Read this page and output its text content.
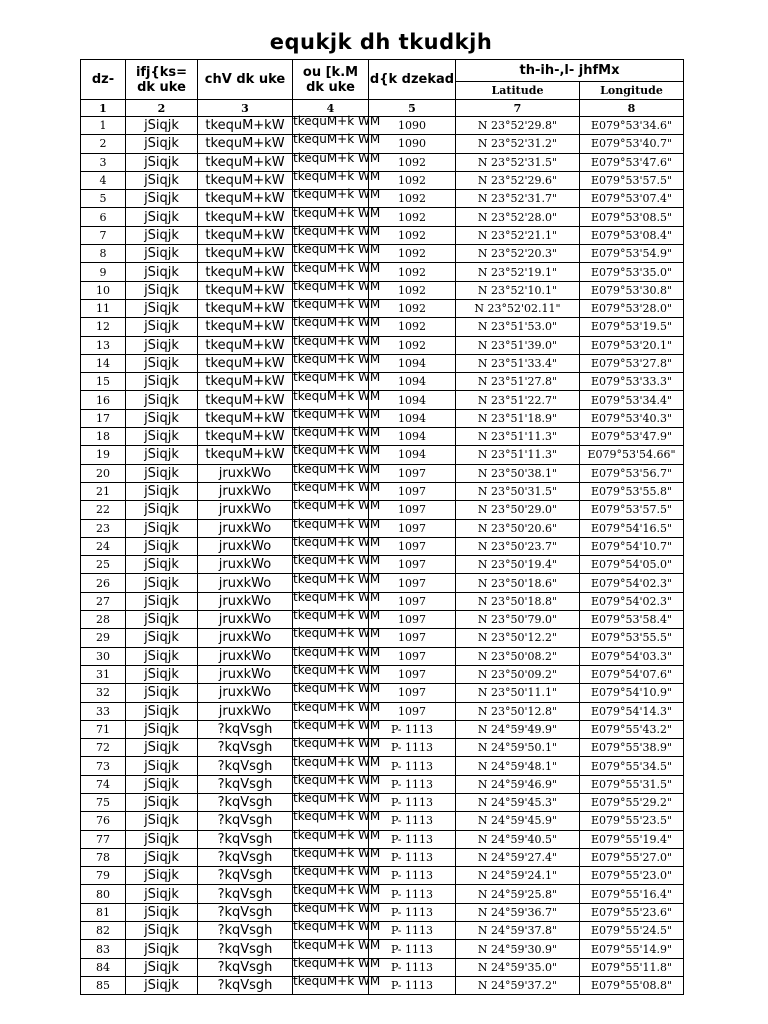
equkjk dh tkudkjh
dz-	ifj{ks= dk uke	chV dk uke	ou [k.M dk uke	d{k dzekad	th-ih-,l- jhfMx	
					Latitude	Longitude
1	2	3	4	5	7	8
1	jSiqjk	tkequM+kW	tkequM+k WM	1090	N 23°52'29.8"	E079°53'34.6"
2	jSiqjk	tkequM+kW	tkequM+k WM	1090	N 23°52'31.2"	E079°53'40.7"
3	jSiqjk	tkequM+kW	tkequM+k WM	1092	N 23°52'31.5"	E079°53'47.6"
4	jSiqjk	tkequM+kW	tkequM+k WM	1092	N 23°52'29.6"	E079°53'57.5"
5	jSiqjk	tkequM+kW	tkequM+k WM	1092	N 23°52'31.7"	E079°53'07.4"
6	jSiqjk	tkequM+kW	tkequM+k WM	1092	N 23°52'28.0"	E079°53'08.5"
7	jSiqjk	tkequM+kW	tkequM+k WM	1092	N 23°52'21.1"	E079°53'08.4"
8	jSiqjk	tkequM+kW	tkequM+k WM	1092	N 23°52'20.3"	E079°53'54.9"
9	jSiqjk	tkequM+kW	tkequM+k WM	1092	N 23°52'19.1"	E079°53'35.0"
10	jSiqjk	tkequM+kW	tkequM+k WM	1092	N 23°52'10.1"	E079°53'30.8"
11	jSiqjk	tkequM+kW	tkequM+k WM	1092	N 23°52'02.11"	E079°53'28.0"
12	jSiqjk	tkequM+kW	tkequM+k WM	1092	N 23°51'53.0"	E079°53'19.5"
13	jSiqjk	tkequM+kW	tkequM+k WM	1092	N 23°51'39.0"	E079°53'20.1"
14	jSiqjk	tkequM+kW	tkequM+k WM	1094	N 23°51'33.4"	E079°53'27.8"
15	jSiqjk	tkequM+kW	tkequM+k WM	1094	N 23°51'27.8"	E079°53'33.3"
16	jSiqjk	tkequM+kW	tkequM+k WM	1094	N 23°51'22.7"	E079°53'34.4"
17	jSiqjk	tkequM+kW	tkequM+k WM	1094	N 23°51'18.9"	E079°53'40.3"
18	jSiqjk	tkequM+kW	tkequM+k WM	1094	N 23°51'11.3"	E079°53'47.9"
19	jSiqjk	tkequM+kW	tkequM+k WM	1094	N 23°51'11.3"	E079°53'54.66"
20	jSiqjk	jruxkWo	tkequM+k WM	1097	N 23°50'38.1"	E079°53'56.7"
21	jSiqjk	jruxkWo	tkequM+k WM	1097	N 23°50'31.5"	E079°53'55.8"
22	jSiqjk	jruxkWo	tkequM+k WM	1097	N 23°50'29.0"	E079°53'57.5"
23	jSiqjk	jruxkWo	tkequM+k WM	1097	N 23°50'20.6"	E079°54'16.5"
24	jSiqjk	jruxkWo	tkequM+k WM	1097	N 23°50'23.7"	E079°54'10.7"
25	jSiqjk	jruxkWo	tkequM+k WM	1097	N 23°50'19.4"	E079°54'05.0"
26	jSiqjk	jruxkWo	tkequM+k WM	1097	N 23°50'18.6"	E079°54'02.3"
27	jSiqjk	jruxkWo	tkequM+k WM	1097	N 23°50'18.8"	E079°54'02.3"
28	jSiqjk	jruxkWo	tkequM+k WM	1097	N 23°50'79.0"	E079°53'58.4"
29	jSiqjk	jruxkWo	tkequM+k WM	1097	N 23°50'12.2"	E079°53'55.5"
30	jSiqjk	jruxkWo	tkequM+k WM	1097	N 23°50'08.2"	E079°54'03.3"
31	jSiqjk	jruxkWo	tkequM+k WM	1097	N 23°50'09.2"	E079°54'07.6"
32	jSiqjk	jruxkWo	tkequM+k WM	1097	N 23°50'11.1"	E079°54'10.9"
33	jSiqjk	jruxkWo	tkequM+k WM	1097	N 23°50'12.8"	E079°54'14.3"
71	jSiqjk	?kqVsgh	tkequM+k WM	P- 1113	N 24°59'49.9"	E079°55'43.2"
72	jSiqjk	?kqVsgh	tkequM+k WM	P- 1113	N 24°59'50.1"	E079°55'38.9"
73	jSiqjk	?kqVsgh	tkequM+k WM	P- 1113	N 24°59'48.1"	E079°55'34.5"
74	jSiqjk	?kqVsgh	tkequM+k WM	P- 1113	N 24°59'46.9"	E079°55'31.5"
75	jSiqjk	?kqVsgh	tkequM+k WM	P- 1113	N 24°59'45.3"	E079°55'29.2"
76	jSiqjk	?kqVsgh	tkequM+k WM	P- 1113	N 24°59'45.9"	E079°55'23.5"
77	jSiqjk	?kqVsgh	tkequM+k WM	P- 1113	N 24°59'40.5"	E079°55'19.4"
78	jSiqjk	?kqVsgh	tkequM+k WM	P- 1113	N 24°59'27.4"	E079°55'27.0"
79	jSiqjk	?kqVsgh	tkequM+k WM	P- 1113	N 24°59'24.1"	E079°55'23.0"
80	jSiqjk	?kqVsgh	tkequM+k WM	P- 1113	N 24°59'25.8"	E079°55'16.4"
81	jSiqjk	?kqVsgh	tkequM+k WM	P- 1113	N 24°59'36.7"	E079°55'23.6"
82	jSiqjk	?kqVsgh	tkequM+k WM	P- 1113	N 24°59'37.8"	E079°55'24.5"
83	jSiqjk	?kqVsgh	tkequM+k WM	P- 1113	N 24°59'30.9"	E079°55'14.9"
84	jSiqjk	?kqVsgh	tkequM+k WM	P- 1113	N 24°59'35.0"	E079°55'11.8"
85	jSiqjk	?kqVsgh	tkequM+k WM	P- 1113	N 24°59'37.2"	E079°55'08.8"
